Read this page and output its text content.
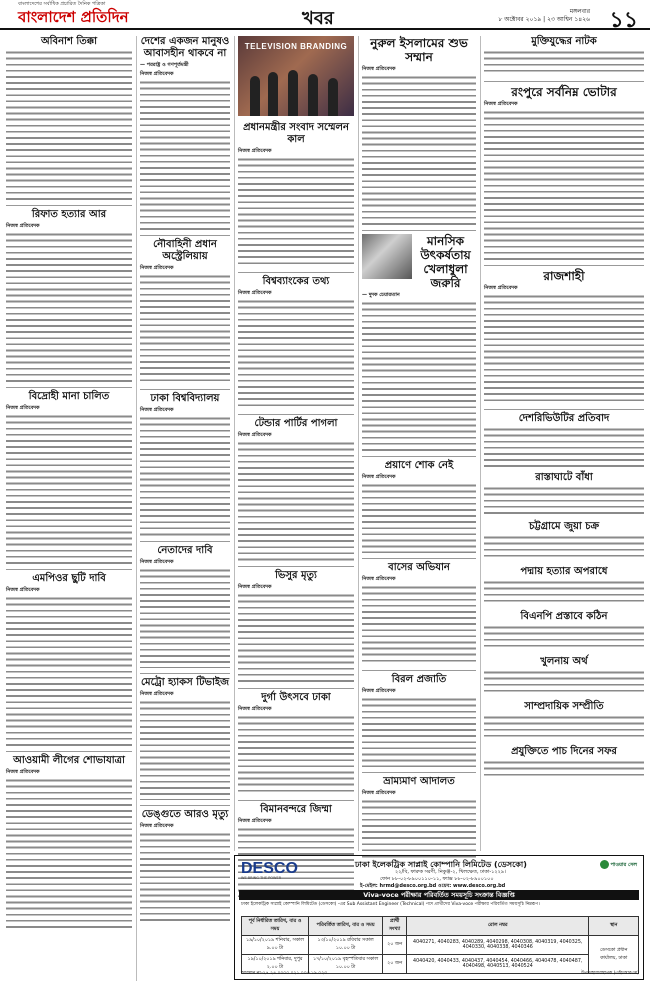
বাংলাদেশের সর্বাধিক প্রচারিত দৈনিক পত্রিকা
বাংলাদেশ প্রতিদিন	খবর	মঙ্গলবার
৮ অক্টোবর ২০১৯ | ২৩ আশ্বিন ১৪২৬ ১১
অবিনাশ তিক্কা
রিফাত হত্যার আর
নিজস্ব প্রতিবেদক
বিদ্রোহী মানা চালিত
নিজস্ব প্রতিবেদক
এমপিওর ছুটি দাবি
নিজস্ব প্রতিবেদক
আওয়ামী লীগের শোভাযাত্রা
নিজস্ব প্রতিবেদক
দেশের একজন মানুষও আবাসহীন থাকবে না
— পররাষ্ট্র ও গণপূর্তমন্ত্রী
নিজস্ব প্রতিবেদক
নৌবাহিনী প্রধান অস্ট্রেলিয়ায়
নিজস্ব প্রতিবেদক
ঢাকা বিশ্ববিদ্যালয়
নিজস্ব প্রতিবেদক
নেতাদের দাবি
নিজস্ব প্রতিবেদক
মেট্রো হ্যাকস টিভাইজ
নিজস্ব প্রতিবেদক
ডেঙ্গুতে আরও মৃত্যু
নিজস্ব প্রতিবেদক
TELEVISION BRANDING
প্রধানমন্ত্রীর সংবাদ সম্মেলন কাল
নিজস্ব প্রতিবেদক
বিশ্বব্যাংকের তথ্য
নিজস্ব প্রতিবেদক
টেন্ডার পার্টির পাগলা
নিজস্ব প্রতিবেদক
ভিসুর মৃত্যু
নিজস্ব প্রতিবেদক
দুর্গা উৎসবে ঢাকা
নিজস্ব প্রতিবেদক
বিমানবন্দরে জিম্মা
নিজস্ব প্রতিবেদক
নুরুল ইসলামের শুভ সম্মান
নিজস্ব প্রতিবেদক
মানসিক উৎকর্ষতায় খেলাধুলা জরুরি
— দুদক চেয়ারম্যান
প্রয়াণে শোক নেই
নিজস্ব প্রতিবেদক
বাসের অভিযান
নিজস্ব প্রতিবেদক
বিরল প্রজাতি
নিজস্ব প্রতিবেদক
ভ্রাম্যমাণ আদালত
নিজস্ব প্রতিবেদক
মুক্তিযুদ্ধের নাটক
রংপুরে সর্বনিম্ন ভোটার
নিজস্ব প্রতিবেদক
রাজশাহী
নিজস্ব প্রতিবেদক
দেশরিভিউটির প্রতিবাদ
রাস্তাঘাটে বাঁধা
চট্টগ্রামে জুয়া চক্র
পদ্মায় হত্যার অপরাধে
বিএনপি প্রস্তাবে কঠিন
খুলনায় অর্থ
সাম্প্রদায়িক সম্প্রীতি
প্রযুক্তিতে পাচ দিনের সফর
DESCO
WE BRING THE POWER
ঢাকা ইলেকট্রিক সাপ্লাই কোম্পানি লিমিটেড (ডেসকো)
২২/বি, ফারুক সরণী, নিকুঞ্জ-২, খিলক্ষেত, ঢাকা-১২২৯।
ফোন ৮৮-০২-৮৯০০১১০-১১, ফ্যাক্স ৮৮-০২-৮৯০০১০০
ই-মেইল: hrmd@desco.org.bd ওয়েব: www.desco.org.bd
পাওয়ার সেল
Viva-voce পরীক্ষার পরিবর্তিত সময়সূচি সংক্রান্ত বিজ্ঞপ্তি
ঢাকা ইলেকট্রিক সাপ্লাই কোম্পানি লিমিটেড (ডেসকো) -এর Sub Assistant Engineer (Technical) পদে প্রার্থীদের Viva-voce পরীক্ষার পরিবর্তিত সময়সূচি নিম্নরূপ।
পূর্ব নির্ধারিত তারিখ, বার ও সময়	পরিবর্তিত তারিখ, বার ও সময়	প্রার্থী সংখ্যা	রোল নম্বর	স্থান
১৯/১০/২০১৯ শনিবার, সকাল ৯.০০ টা	১৩/১০/২০১৯ রবিবার সকাল ১০.০০ টা	২০ জন	4040271, 4040283, 4040289, 4040298, 4040308, 4040319, 4040325, 4040330, 4040338, 4040346	ডেসকো প্রধান কার্যালয়, ঢাকা
১৯/১০/২০১৯ শনিবার, দুপুর ২.০০ টা	১৭/১০/২০১৯ বৃহস্পতিবার সকাল ১০.০০ টা	২০ জন	4040420, 4040433, 4040437, 4040454, 4040466, 4040478, 4040487, 4040498, 4040513, 4040524	
আরমান নং-২৭.২৪.০০০০.০২১.০০৩.১৯.০২৩	উপ-মহাব্যবস্থাপক (এইচআরএম)
